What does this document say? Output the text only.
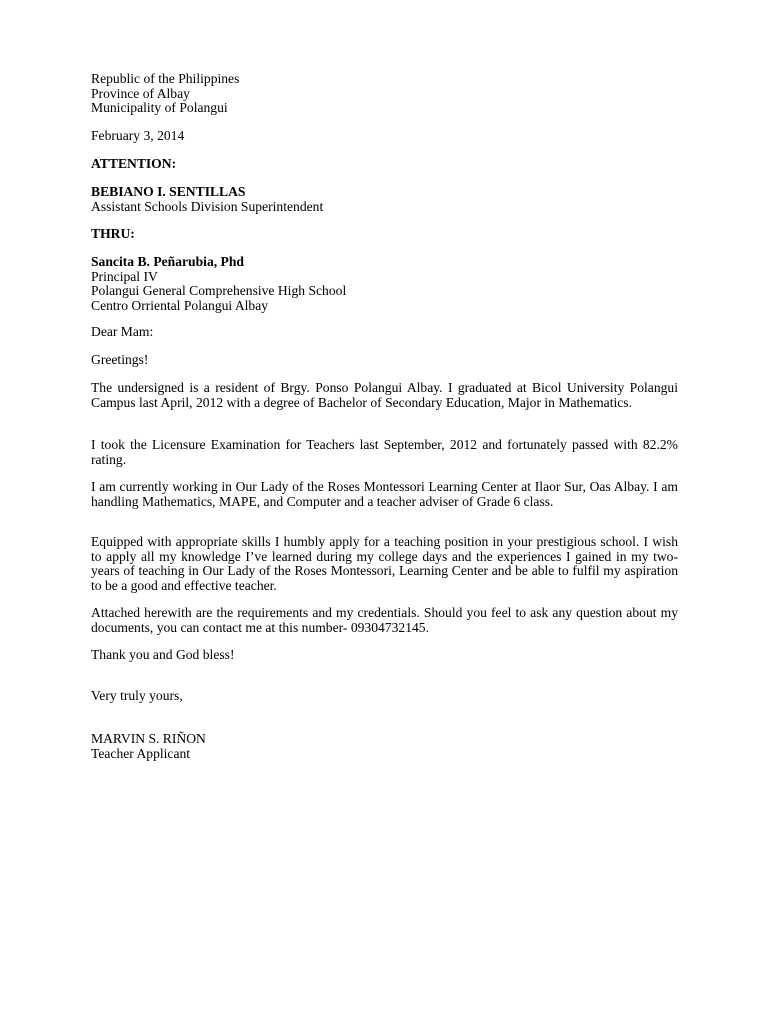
Republic of the Philippines
Province of Albay
Municipality of Polangui
February 3, 2014
ATTENTION:
BEBIANO I. SENTILLAS
Assistant Schools Division Superintendent
THRU:
Sancita B. Peñarubia, Phd
Principal IV
Polangui General Comprehensive High School
Centro Orriental Polangui Albay
Dear Mam:
Greetings!
The undersigned is a resident of Brgy. Ponso Polangui Albay. I graduated at Bicol University Polangui Campus last April, 2012 with a degree of Bachelor of Secondary Education, Major in Mathematics.
I took the Licensure Examination for Teachers last September, 2012 and fortunately passed with 82.2% rating.
I am currently working in Our Lady of the Roses Montessori Learning Center at Ilaor Sur, Oas Albay. I am handling Mathematics, MAPE, and Computer and a teacher adviser of Grade 6 class.
Equipped with appropriate skills I humbly apply for a teaching position in your prestigious school. I wish to apply all my knowledge I’ve learned during my college days and the experiences I gained in my two-years of teaching in Our Lady of the Roses Montessori, Learning Center and be able to fulfil my aspiration to be a good and effective teacher.
Attached herewith are the requirements and my credentials. Should you feel to ask any question about my documents, you can contact me at this number- 09304732145.
Thank you and God bless!
Very truly yours,
MARVIN S. RIÑON
Teacher Applicant
